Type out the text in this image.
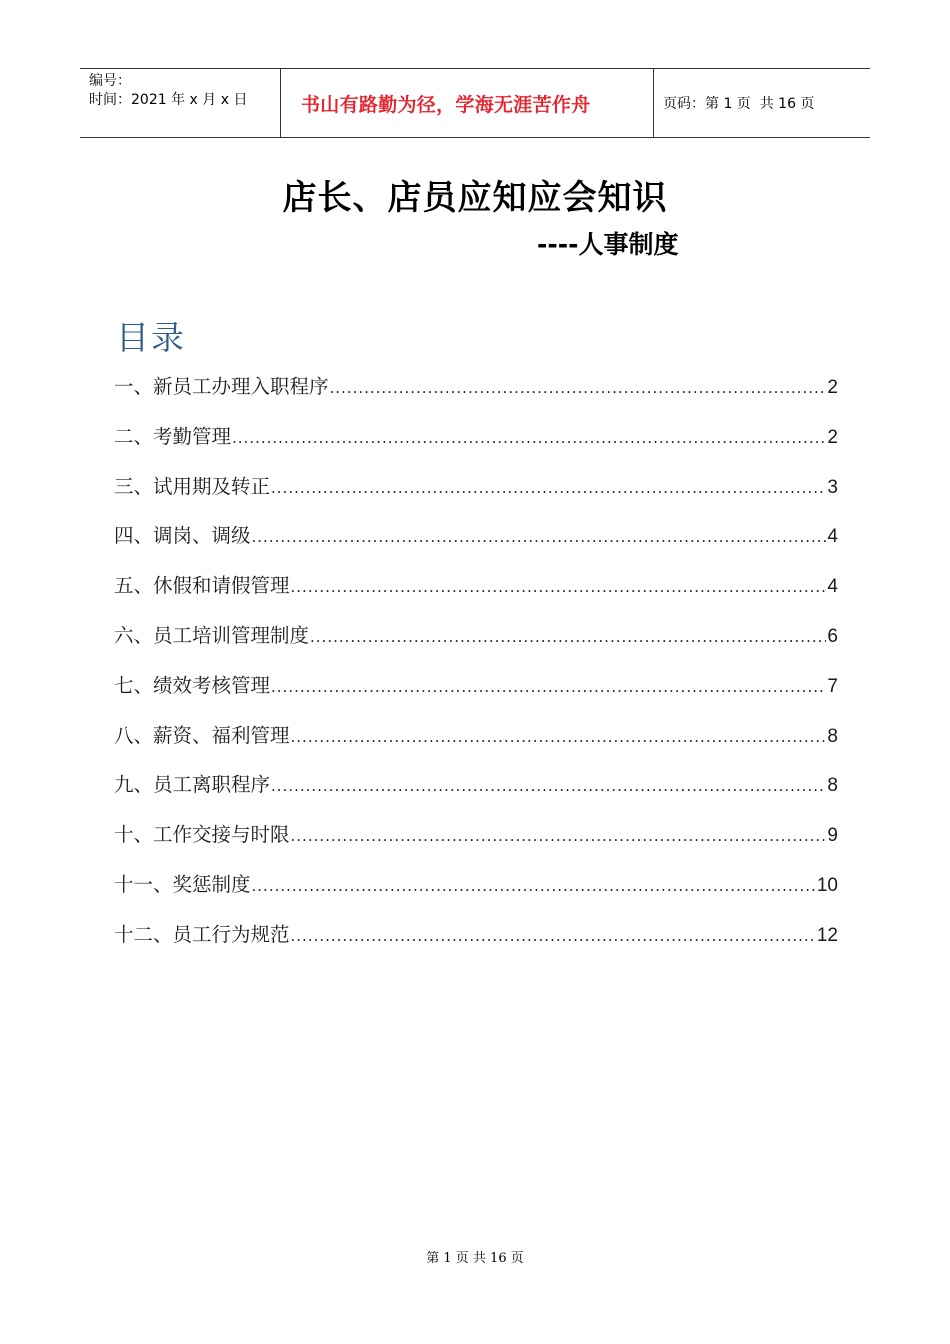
编号：
时间：2021 年 x 月 x 日	书山有路勤为径，学海无涯苦作舟	页码：第 1 页  共 16 页
店长、店员应知应会知识
----人事制度
目录
一、新员工办理入职程序 .....	2
二、考勤管理 .....	2
三、试用期及转正 .....	3
四、调岗、调级 .....	4
五、休假和请假管理 .....	4
六、员工培训管理制度 .....	6
七、绩效考核管理 .....	7
八、薪资、福利管理 .....	8
九、员工离职程序 .....	8
十、工作交接与时限 .....	9
十一、奖惩制度 .....	10
十二、员工行为规范 .....	12
第 1 页 共 16 页
